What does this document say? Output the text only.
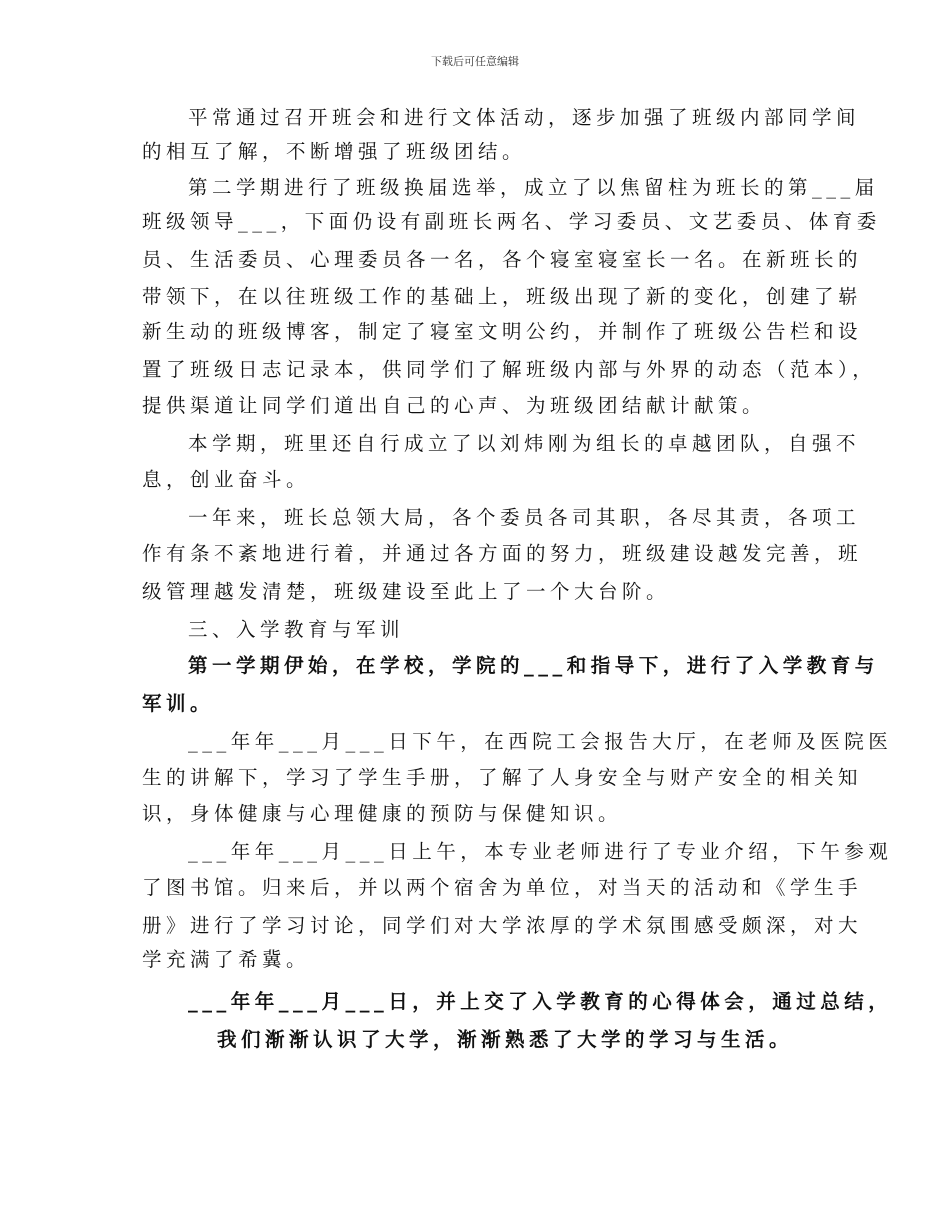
下载后可任意编辑
平常通过召开班会和进行文体活动，逐步加强了班级内部同学间
的相互了解，不断增强了班级团结。
第二学期进行了班级换届选举，成立了以焦留柱为班长的第___届
班级领导___，下面仍设有副班长两名、学习委员、文艺委员、体育委
员、生活委员、心理委员各一名，各个寝室寝室长一名。在新班长的
带领下，在以往班级工作的基础上，班级出现了新的变化，创建了崭
新生动的班级博客，制定了寝室文明公约，并制作了班级公告栏和设
置了班级日志记录本，供同学们了解班级内部与外界的动态（范本），
提供渠道让同学们道出自己的心声、为班级团结献计献策。
本学期，班里还自行成立了以刘炜刚为组长的卓越团队，自强不
息，创业奋斗。
一年来，班长总领大局，各个委员各司其职，各尽其责，各项工
作有条不紊地进行着，并通过各方面的努力，班级建设越发完善，班
级管理越发清楚，班级建设至此上了一个大台阶。
三、入学教育与军训
第一学期伊始，在学校，学院的___和指导下，进行了入学教育与
军训。
___年年___月___日下午，在西院工会报告大厅，在老师及医院医
生的讲解下，学习了学生手册，了解了人身安全与财产安全的相关知
识，身体健康与心理健康的预防与保健知识。
___年年___月___日上午，本专业老师进行了专业介绍，下午参观
了图书馆。归来后，并以两个宿舍为单位，对当天的活动和《学生手
册》进行了学习讨论，同学们对大学浓厚的学术氛围感受颇深，对大
学充满了希冀。
___年年___月___日，并上交了入学教育的心得体会，通过总结，
我们渐渐认识了大学，渐渐熟悉了大学的学习与生活。
